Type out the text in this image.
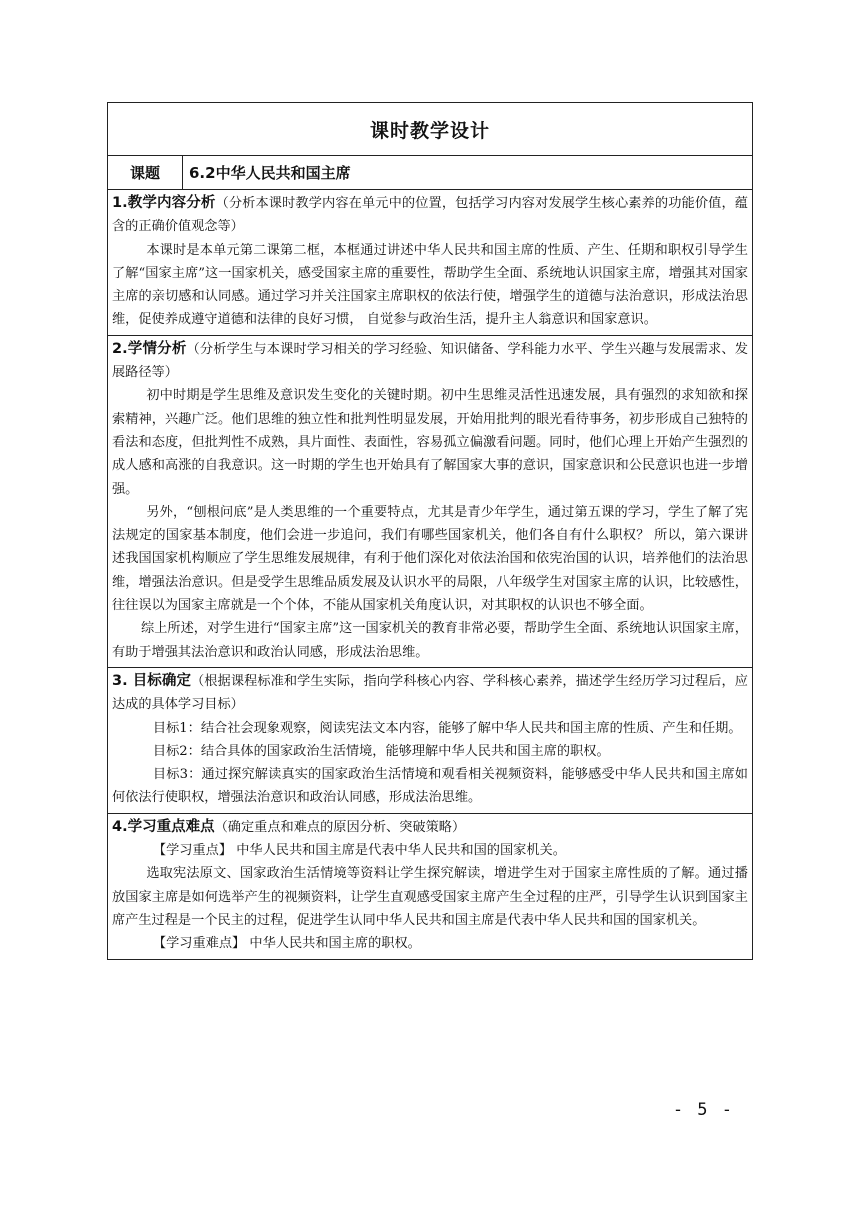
课时教学设计
课题	6.2中华人民共和国主席

1.教学内容分析（分析本课时教学内容在单元中的位置，包括学习内容对发展学生核心素养的功能价值，蕴含的正确价值观念等）

本课时是本单元第二课第二框，本框通过讲述中华人民共和国主席的性质、产生、任期和职权引导学生了解“国家主席”这一国家机关，感受国家主席的重要性，帮助学生全面、系统地认识国家主席，增强其对国家主席的亲切感和认同感。通过学习并关注国家主席职权的依法行使，增强学生的道德与法治意识，形成法治思维，促使养成遵守道德和法律的良好习惯， 自觉参与政治生活，提升主人翁意识和国家意识。

2.学情分析（分析学生与本课时学习相关的学习经验、知识储备、学科能力水平、学生兴趣与发展需求、发展路径等）

初中时期是学生思维及意识发生变化的关键时期。初中生思维灵活性迅速发展，具有强烈的求知欲和探索精神，兴趣广泛。他们思维的独立性和批判性明显发展，开始用批判的眼光看待事务，初步形成自己独特的看法和态度，但批判性不成熟，具片面性、表面性，容易孤立偏激看问题。同时，他们心理上开始产生强烈的成人感和高涨的自我意识。这一时期的学生也开始具有了解国家大事的意识，国家意识和公民意识也进一步增强。

另外，“刨根问底”是人类思维的一个重要特点，尤其是青少年学生，通过第五课的学习，学生了解了宪法规定的国家基本制度，他们会进一步追问，我们有哪些国家机关，他们各自有什么职权？ 所以，第六课讲述我国国家机构顺应了学生思维发展规律，有利于他们深化对依法治国和依宪治国的认识，培养他们的法治思维，增强法治意识。但是受学生思维品质发展及认识水平的局限，八年级学生对国家主席的认识，比较感性，往往误以为国家主席就是一个个体，不能从国家机关角度认识，对其职权的认识也不够全面。

综上所述，对学生进行“国家主席”这一国家机关的教育非常必要，帮助学生全面、系统地认识国家主席，有助于增强其法治意识和政治认同感，形成法治思维。

3. 目标确定（根据课程标准和学生实际，指向学科核心内容、学科核心素养，描述学生经历学习过程后，应达成的具体学习目标）

目标1：结合社会现象观察，阅读宪法文本内容，能够了解中华人民共和国主席的性质、产生和任期。

目标2：结合具体的国家政治生活情境，能够理解中华人民共和国主席的职权。

目标3：通过探究解读真实的国家政治生活情境和观看相关视频资料，能够感受中华人民共和国主席如何依法行使职权，增强法治意识和政治认同感，形成法治思维。

4.学习重点难点（确定重点和难点的原因分析、突破策略）

【学习重点】 中华人民共和国主席是代表中华人民共和国的国家机关。

选取宪法原文、国家政治生活情境等资料让学生探究解读，增进学生对于国家主席性质的了解。通过播放国家主席是如何选举产生的视频资料，让学生直观感受国家主席产生全过程的庄严，引导学生认识到国家主席产生过程是一个民主的过程，促进学生认同中华人民共和国主席是代表中华人民共和国的国家机关。

【学习重难点】 中华人民共和国主席的职权。

- 5 -
